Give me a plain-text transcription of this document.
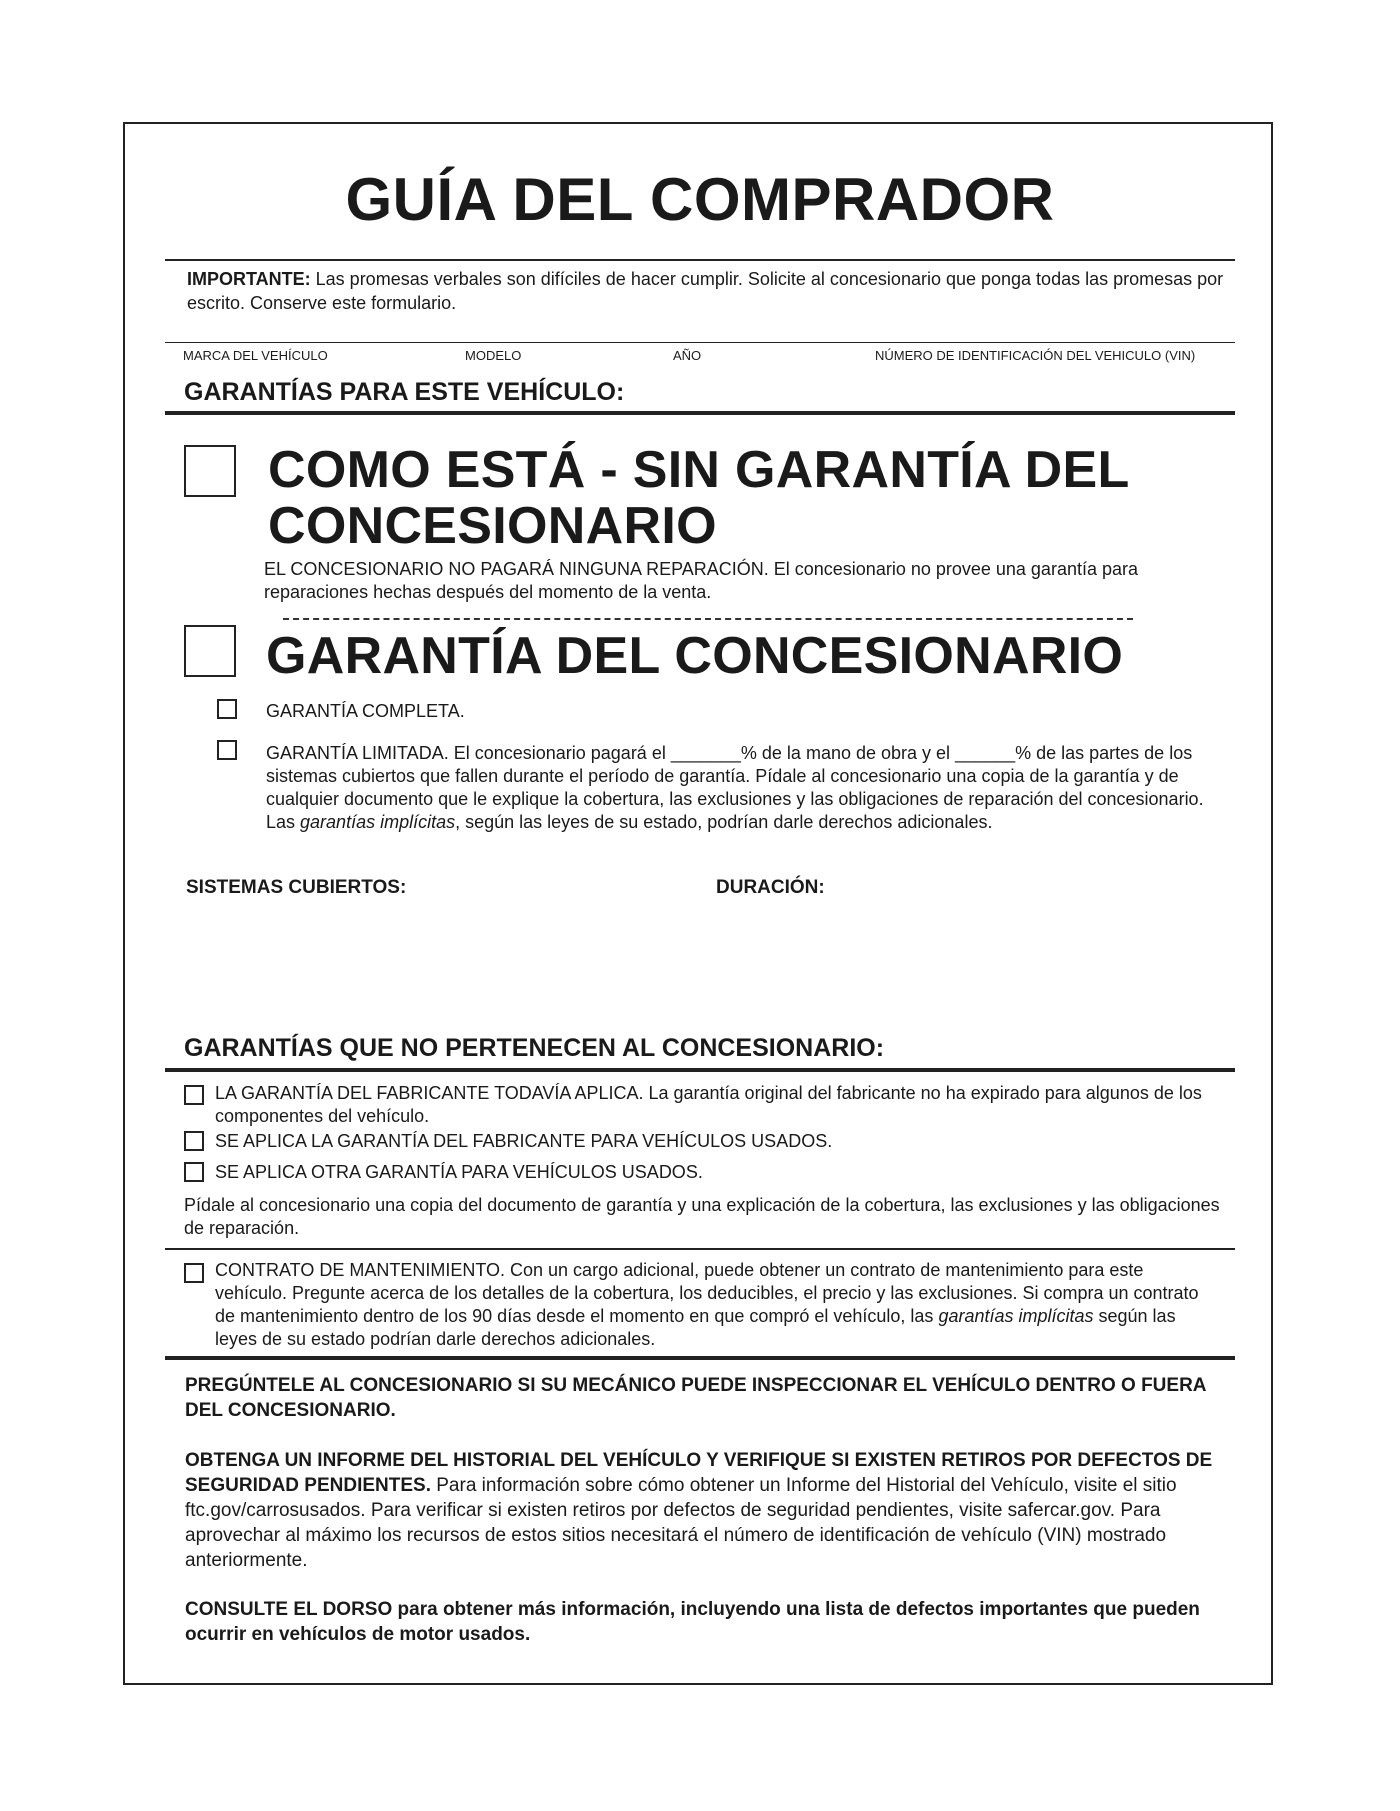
GUÍA DEL COMPRADOR
IMPORTANTE: Las promesas verbales son difíciles de hacer cumplir. Solicite al concesionario que ponga todas las promesas por escrito. Conserve este formulario.
MARCA DEL VEHÍCULO	MODELO	AÑO	NÚMERO DE IDENTIFICACIÓN DEL VEHICULO (VIN)
GARANTÍAS PARA ESTE VEHÍCULO:
COMO ESTÁ - SIN GARANTÍA DEL
CONCESIONARIO
EL CONCESIONARIO NO PAGARÁ NINGUNA REPARACIÓN. El concesionario no provee una garantía para reparaciones hechas después del momento de la venta.
GARANTÍA DEL CONCESIONARIO
GARANTÍA COMPLETA.
GARANTÍA LIMITADA. El concesionario pagará el _______% de la mano de obra y el ______% de las partes de los sistemas cubiertos que fallen durante el período de garantía. Pídale al concesionario una copia de la garantía y de cualquier documento que le explique la cobertura, las exclusiones y las obligaciones de reparación del concesionario. Las garantías implícitas, según las leyes de su estado, podrían darle derechos adicionales.
SISTEMAS CUBIERTOS:	DURACIÓN:
GARANTÍAS QUE NO PERTENECEN AL CONCESIONARIO:
LA GARANTÍA DEL FABRICANTE TODAVÍA APLICA. La garantía original del fabricante no ha expirado para algunos de los componentes del vehículo.
SE APLICA LA GARANTÍA DEL FABRICANTE PARA VEHÍCULOS USADOS.
SE APLICA OTRA GARANTÍA PARA VEHÍCULOS USADOS.
Pídale al concesionario una copia del documento de garantía y una explicación de la cobertura, las exclusiones y las obligaciones de reparación.
CONTRATO DE MANTENIMIENTO. Con un cargo adicional, puede obtener un contrato de mantenimiento para este vehículo. Pregunte acerca de los detalles de la cobertura, los deducibles, el precio y las exclusiones. Si compra un contrato de mantenimiento dentro de los 90 días desde el momento en que compró el vehículo, las garantías implícitas según las leyes de su estado podrían darle derechos adicionales.
PREGÚNTELE AL CONCESIONARIO SI SU MECÁNICO PUEDE INSPECCIONAR EL VEHÍCULO DENTRO O FUERA DEL CONCESIONARIO.
OBTENGA UN INFORME DEL HISTORIAL DEL VEHÍCULO Y VERIFIQUE SI EXISTEN RETIROS POR DEFECTOS DE SEGURIDAD PENDIENTES. Para información sobre cómo obtener un Informe del Historial del Vehículo, visite el sitio ftc.gov/carrosusados. Para verificar si existen retiros por defectos de seguridad pendientes, visite safercar.gov. Para aprovechar al máximo los recursos de estos sitios necesitará el número de identificación de vehículo (VIN) mostrado anteriormente.
CONSULTE EL DORSO para obtener más información, incluyendo una lista de defectos importantes que pueden ocurrir en vehículos de motor usados.
